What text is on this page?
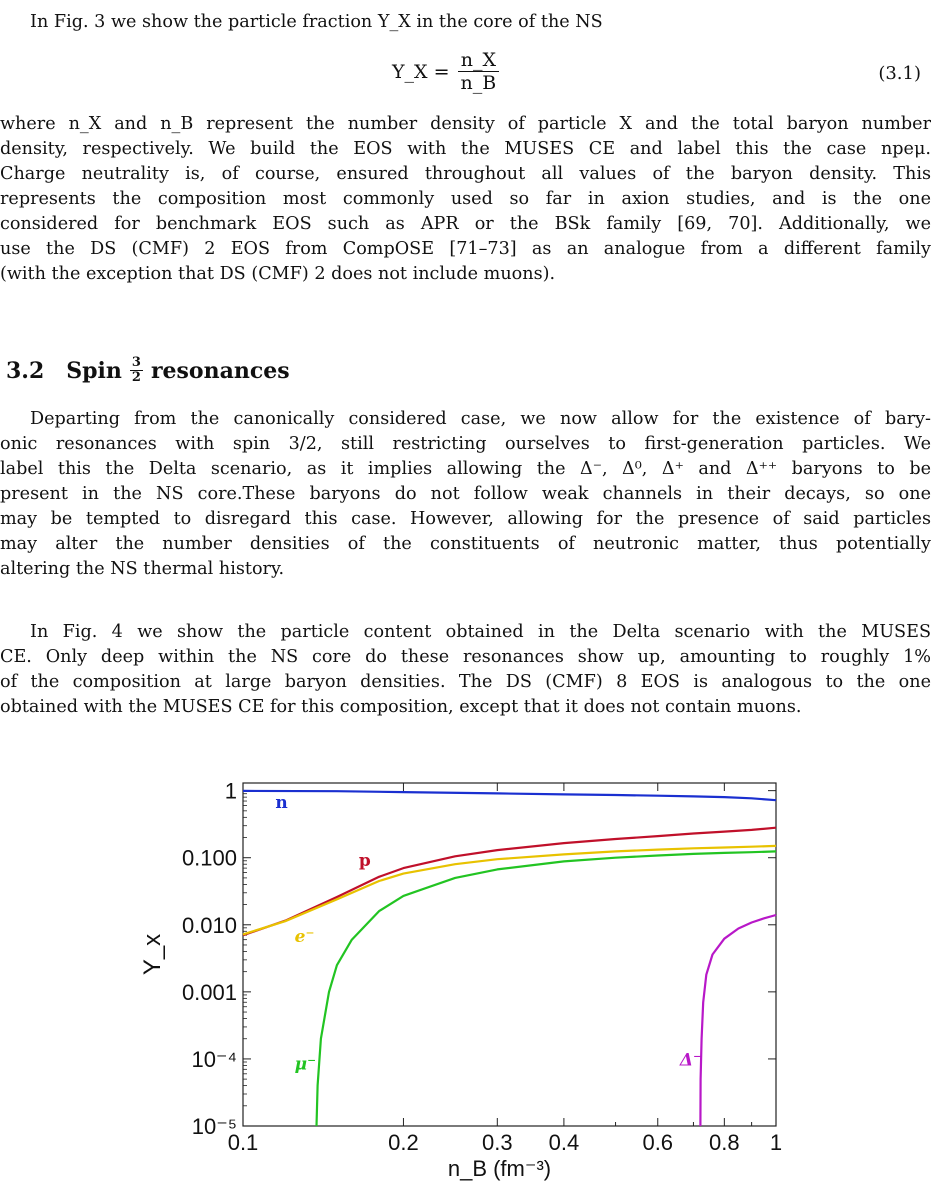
In Fig. 3 we show the particle fraction Y_X in the core of the NS

Y_X = $\frac{n\_X}{n\_B}$	(3.1)
where n_X and n_B represent the number density of particle X and the total baryon number
density, respectively. We build the EOS with the MUSES CE and label this the case npeμ.
Charge neutrality is, of course, ensured throughout all values of the baryon density. This
represents the composition most commonly used so far in axion studies, and is the one
considered for benchmark EOS such as APR or the BSk family [69, 70]. Additionally, we
use the DS (CMF) 2 EOS from CompOSE [71–73] as an analogue from a different family
(with the exception that DS (CMF) 2 does not include muons).
3.2 Spin $\frac{3}{2}$ resonances
Departing from the canonically considered case, we now allow for the existence of bary-
onic resonances with spin 3/2, still restricting ourselves to first-generation particles. We
label this the Delta scenario, as it implies allowing the Δ⁻, Δ⁰, Δ⁺ and Δ⁺⁺ baryons to be
present in the NS core.These baryons do not follow weak channels in their decays, so one
may be tempted to disregard this case. However, allowing for the presence of said particles
may alter the number densities of the constituents of neutronic matter, thus potentially
altering the NS thermal history.
In Fig. 4 we show the particle content obtained in the Delta scenario with the MUSES
CE. Only deep within the NS core do these resonances show up, amounting to roughly 1%
of the composition at large baryon densities. The DS (CMF) 8 EOS is analogous to the one
obtained with the MUSES CE for this composition, except that it does not contain muons.
0.1	0.2	0.3 0.4	0.6 0.8 1
1
0.100
0.010
0.001
10⁻⁴
10⁻⁵
n_B (fm⁻³)
Y_x
n
p
e⁻
μ⁻	Δ⁻
